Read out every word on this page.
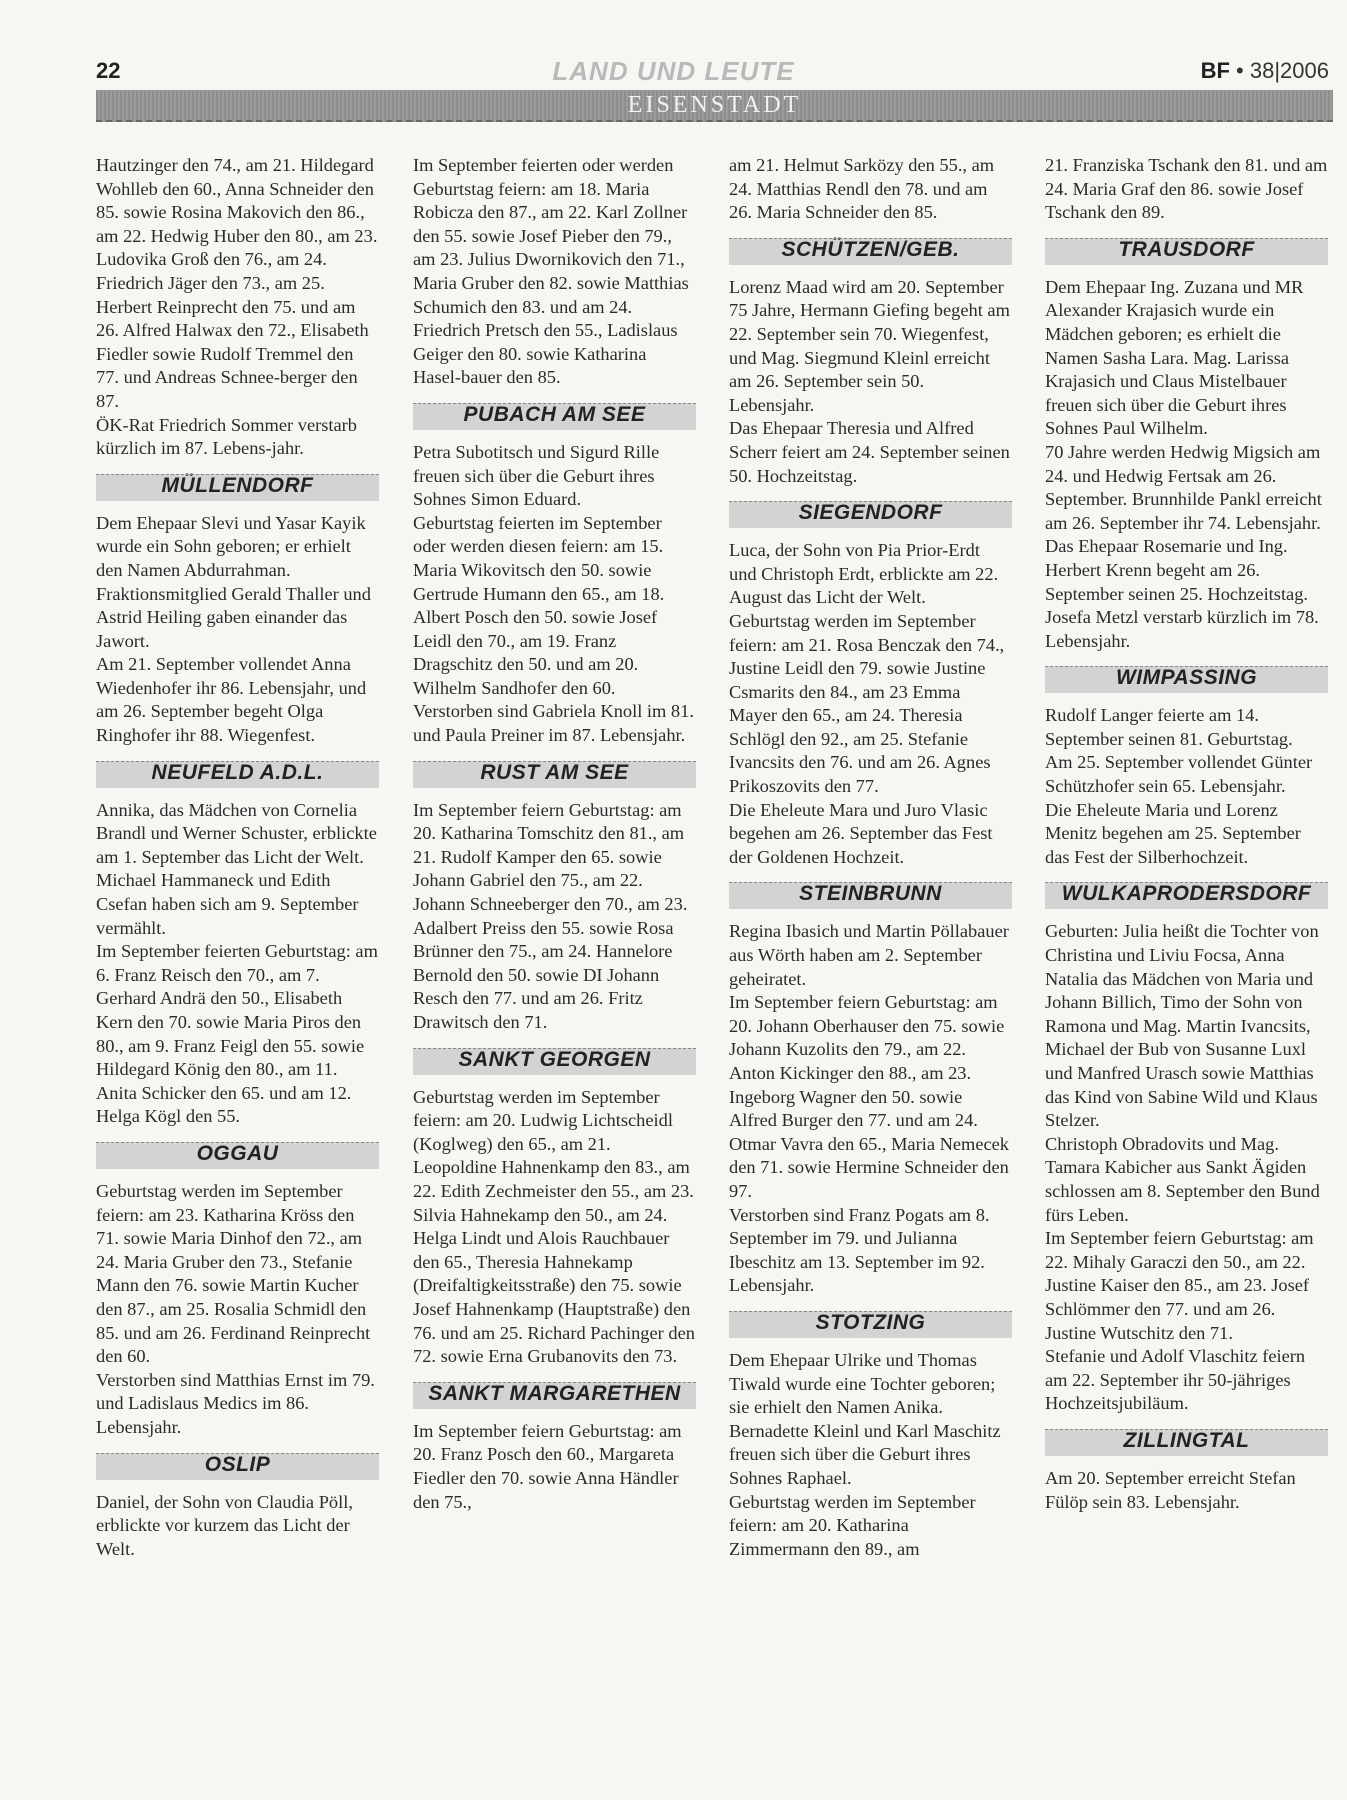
22	LAND UND LEUTE	BF • 38|2006
EISENSTADT

Hautzinger den 74., am 21. Hildegard Wohlleb den 60., Anna Schneider den 85. sowie Rosina Makovich den 86., am 22. Hedwig Huber den 80., am 23. Ludovika Groß den 76., am 24. Friedrich Jäger den 73., am 25. Herbert Reinprecht den 75. und am 26. Alfred Halwax den 72., Elisabeth Fiedler sowie Rudolf Tremmel den 77. und Andreas Schnee-berger den 87.

ÖK-Rat Friedrich Sommer verstarb kürzlich im 87. Lebens-jahr.

MÜLLENDORF

Dem Ehepaar Slevi und Yasar Kayik wurde ein Sohn geboren; er erhielt den Namen Abdurrahman.

Fraktionsmitglied Gerald Thaller und Astrid Heiling gaben einander das Jawort.

Am 21. September vollendet Anna Wiedenhofer ihr 86. Lebensjahr, und am 26. September begeht Olga Ringhofer ihr 88. Wiegenfest.

NEUFELD A.D.L.

Annika, das Mädchen von Cornelia Brandl und Werner Schuster, erblickte am 1. September das Licht der Welt.

Michael Hammaneck und Edith Csefan haben sich am 9. September vermählt.

Im September feierten Geburtstag: am 6. Franz Reisch den 70., am 7. Gerhard Andrä den 50., Elisabeth Kern den 70. sowie Maria Piros den 80., am 9. Franz Feigl den 55. sowie Hildegard König den 80., am 11. Anita Schicker den 65. und am 12. Helga Kögl den 55.

OGGAU

Geburtstag werden im September feiern: am 23. Katharina Kröss den 71. sowie Maria Dinhof den 72., am 24. Maria Gruber den 73., Stefanie Mann den 76. sowie Martin Kucher den 87., am 25. Rosalia Schmidl den 85. und am 26. Ferdinand Reinprecht den 60.

Verstorben sind Matthias Ernst im 79. und Ladislaus Medics im 86. Lebensjahr.

OSLIP

Daniel, der Sohn von Claudia Pöll, erblickte vor kurzem das Licht der Welt.

Im September feierten oder werden Geburtstag feiern: am 18. Maria Robicza den 87., am 22. Karl Zollner den 55. sowie Josef Pieber den 79., am 23. Julius Dwornikovich den 71., Maria Gruber den 82. sowie Matthias Schumich den 83. und am 24. Friedrich Pretsch den 55., Ladislaus Geiger den 80. sowie Katharina Hasel-bauer den 85.

PUBACH AM SEE

Petra Subotitsch und Sigurd Rille freuen sich über die Geburt ihres Sohnes Simon Eduard.

Geburtstag feierten im September oder werden diesen feiern: am 15. Maria Wikovitsch den 50. sowie Gertrude Humann den 65., am 18. Albert Posch den 50. sowie Josef Leidl den 70., am 19. Franz Dragschitz den 50. und am 20. Wilhelm Sandhofer den 60.

Verstorben sind Gabriela Knoll im 81. und Paula Preiner im 87. Lebensjahr.

RUST AM SEE

Im September feiern Geburtstag: am 20. Katharina Tomschitz den 81., am 21. Rudolf Kamper den 65. sowie Johann Gabriel den 75., am 22. Johann Schneeberger den 70., am 23. Adalbert Preiss den 55. sowie Rosa Brünner den 75., am 24. Hannelore Bernold den 50. sowie DI Johann Resch den 77. und am 26. Fritz Drawitsch den 71.

SANKT GEORGEN

Geburtstag werden im September feiern: am 20. Ludwig Lichtscheidl (Koglweg) den 65., am 21. Leopoldine Hahnenkamp den 83., am 22. Edith Zechmeister den 55., am 23. Silvia Hahnekamp den 50., am 24. Helga Lindt und Alois Rauchbauer den 65., Theresia Hahnekamp (Dreifaltigkeitsstraße) den 75. sowie Josef Hahnenkamp (Hauptstraße) den 76. und am 25. Richard Pachinger den 72. sowie Erna Grubanovits den 73.

SANKT MARGARETHEN

Im September feiern Geburtstag: am 20. Franz Posch den 60., Margareta Fiedler den 70. sowie Anna Händler den 75.,

am 21. Helmut Sarközy den 55., am 24. Matthias Rendl den 78. und am 26. Maria Schneider den 85.

SCHÜTZEN/GEB.

Lorenz Maad wird am 20. September 75 Jahre, Hermann Giefing begeht am 22. September sein 70. Wiegenfest, und Mag. Siegmund Kleinl erreicht am 26. September sein 50. Lebensjahr.

Das Ehepaar Theresia und Alfred Scherr feiert am 24. September seinen 50. Hochzeitstag.

SIEGENDORF

Luca, der Sohn von Pia Prior-Erdt und Christoph Erdt, erblickte am 22. August das Licht der Welt.

Geburtstag werden im September feiern: am 21. Rosa Benczak den 74., Justine Leidl den 79. sowie Justine Csmarits den 84., am 23 Emma Mayer den 65., am 24. Theresia Schlögl den 92., am 25. Stefanie Ivancsits den 76. und am 26. Agnes Prikoszovits den 77.

Die Eheleute Mara und Juro Vlasic begehen am 26. September das Fest der Goldenen Hochzeit.

STEINBRUNN

Regina Ibasich und Martin Pöllabauer aus Wörth haben am 2. September geheiratet.

Im September feiern Geburtstag: am 20. Johann Oberhauser den 75. sowie Johann Kuzolits den 79., am 22. Anton Kickinger den 88., am 23. Ingeborg Wagner den 50. sowie Alfred Burger den 77. und am 24. Otmar Vavra den 65., Maria Nemecek den 71. sowie Hermine Schneider den 97.

Verstorben sind Franz Pogats am 8. September im 79. und Julianna Ibeschitz am 13. September im 92. Lebensjahr.

STOTZING

Dem Ehepaar Ulrike und Thomas Tiwald wurde eine Tochter geboren; sie erhielt den Namen Anika. Bernadette Kleinl und Karl Maschitz freuen sich über die Geburt ihres Sohnes Raphael.

Geburtstag werden im September feiern: am 20. Katharina Zimmermann den 89., am

21. Franziska Tschank den 81. und am 24. Maria Graf den 86. sowie Josef Tschank den 89.

TRAUSDORF

Dem Ehepaar Ing. Zuzana und MR Alexander Krajasich wurde ein Mädchen geboren; es erhielt die Namen Sasha Lara. Mag. Larissa Krajasich und Claus Mistelbauer freuen sich über die Geburt ihres Sohnes Paul Wilhelm.

70 Jahre werden Hedwig Migsich am 24. und Hedwig Fertsak am 26. September. Brunnhilde Pankl erreicht am 26. September ihr 74. Lebensjahr.

Das Ehepaar Rosemarie und Ing. Herbert Krenn begeht am 26. September seinen 25. Hochzeitstag.

Josefa Metzl verstarb kürzlich im 78. Lebensjahr.

WIMPASSING

Rudolf Langer feierte am 14. September seinen 81. Geburtstag.

Am 25. September vollendet Günter Schützhofer sein 65. Lebensjahr.

Die Eheleute Maria und Lorenz Menitz begehen am 25. September das Fest der Silberhochzeit.

WULKAPRODERSDORF

Geburten: Julia heißt die Tochter von Christina und Liviu Focsa, Anna Natalia das Mädchen von Maria und Johann Billich, Timo der Sohn von Ramona und Mag. Martin Ivancsits, Michael der Bub von Susanne Luxl und Manfred Urasch sowie Matthias das Kind von Sabine Wild und Klaus Stelzer.

Christoph Obradovits und Mag. Tamara Kabicher aus Sankt Ägiden schlossen am 8. September den Bund fürs Leben.

Im September feiern Geburtstag: am 22. Mihaly Garaczi den 50., am 22. Justine Kaiser den 85., am 23. Josef Schlömmer den 77. und am 26. Justine Wutschitz den 71.

Stefanie und Adolf Vlaschitz feiern am 22. September ihr 50-jähriges Hochzeitsjubiläum.

ZILLINGTAL

Am 20. September erreicht Stefan Fülöp sein 83. Lebensjahr.
